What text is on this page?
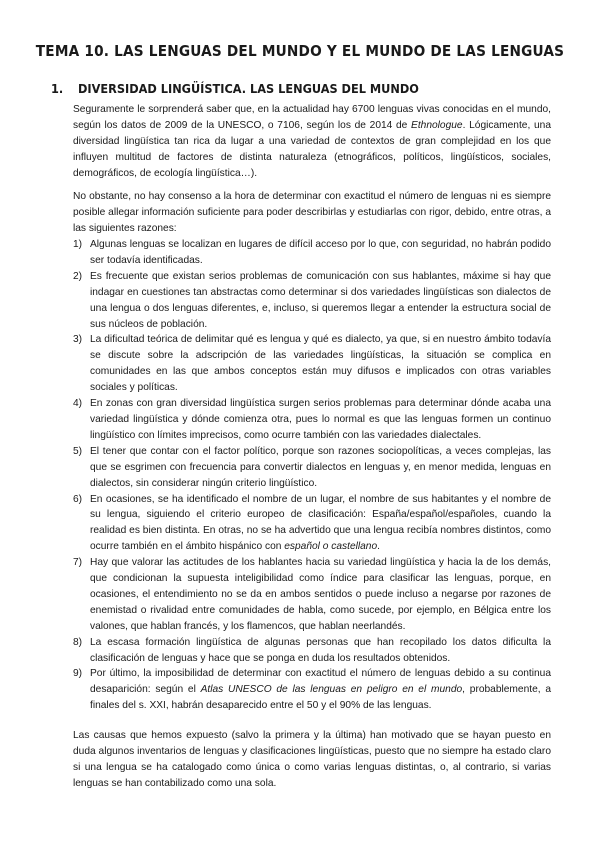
TEMA 10. LAS LENGUAS DEL MUNDO Y EL MUNDO DE LAS LENGUAS
1. DIVERSIDAD LINGÜÍSTICA. LAS LENGUAS DEL MUNDO

Seguramente le sorprenderá saber que, en la actualidad hay 6700 lenguas vivas conocidas en el mundo, según los datos de 2009 de la UNESCO, o 7106, según los de 2014 de Ethnologue. Lógicamente, una diversidad lingüística tan rica da lugar a una variedad de contextos de gran complejidad en los que influyen multitud de factores de distinta naturaleza (etnográficos, políticos, lingüísticos, sociales, demográficos, de ecología lingüística…).

No obstante, no hay consenso a la hora de determinar con exactitud el número de lenguas ni es siempre posible allegar información suficiente para poder describirlas y estudiarlas con rigor, debido, entre otras, a las siguientes razones:

1) Algunas lenguas se localizan en lugares de difícil acceso por lo que, con seguridad, no habrán podido ser todavía identificadas.
2) Es frecuente que existan serios problemas de comunicación con sus hablantes, máxime si hay que indagar en cuestiones tan abstractas como determinar si dos variedades lingüísticas son dialectos de una lengua o dos lenguas diferentes, e, incluso, si queremos llegar a entender la estructura social de sus núcleos de población.
3) La dificultad teórica de delimitar qué es lengua y qué es dialecto, ya que, si en nuestro ámbito todavía se discute sobre la adscripción de las variedades lingüísticas, la situación se complica en comunidades en las que ambos conceptos están muy difusos e implicados con otras variables sociales y políticas.
4) En zonas con gran diversidad lingüística surgen serios problemas para determinar dónde acaba una variedad lingüística y dónde comienza otra, pues lo normal es que las lenguas formen un continuo lingüístico con límites imprecisos, como ocurre también con las variedades dialectales.
5) El tener que contar con el factor político, porque son razones sociopolíticas, a veces complejas, las que se esgrimen con frecuencia para convertir dialectos en lenguas y, en menor medida, lenguas en dialectos, sin considerar ningún criterio lingüístico.
6) En ocasiones, se ha identificado el nombre de un lugar, el nombre de sus habitantes y el nombre de su lengua, siguiendo el criterio europeo de clasificación: España/español/españoles, cuando la realidad es bien distinta. En otras, no se ha advertido que una lengua recibía nombres distintos, como ocurre también en el ámbito hispánico con español o castellano.
7) Hay que valorar las actitudes de los hablantes hacia su variedad lingüística y hacia la de los demás, que condicionan la supuesta inteligibilidad como índice para clasificar las lenguas, porque, en ocasiones, el entendimiento no se da en ambos sentidos o puede incluso a negarse por razones de enemistad o rivalidad entre comunidades de habla, como sucede, por ejemplo, en Bélgica entre los valones, que hablan francés, y los flamencos, que hablan neerlandés.
8) La escasa formación lingüística de algunas personas que han recopilado los datos dificulta la clasificación de lenguas y hace que se ponga en duda los resultados obtenidos.
9) Por último, la imposibilidad de determinar con exactitud el número de lenguas debido a su continua desaparición: según el Atlas UNESCO de las lenguas en peligro en el mundo, probablemente, a finales del s. XXI, habrán desaparecido entre el 50 y el 90% de las lenguas.

Las causas que hemos expuesto (salvo la primera y la última) han motivado que se hayan puesto en duda algunos inventarios de lenguas y clasificaciones lingüísticas, puesto que no siempre ha estado claro si una lengua se ha catalogado como única o como varias lenguas distintas, o, al contrario, si varias lenguas se han contabilizado como una sola.
